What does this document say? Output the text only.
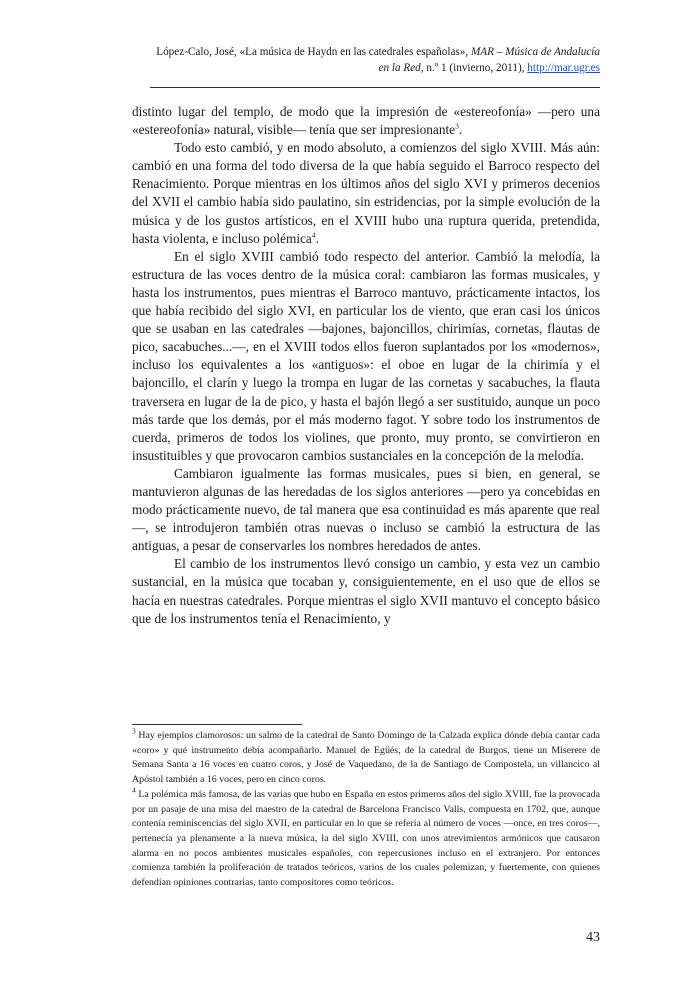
López-Calo, José, «La música de Haydn en las catedrales españolas», MAR – Música de Andalucía en la Red, n.º 1 (invierno, 2011), http://mar.ugr.es

distinto lugar del templo, de modo que la impresión de «estereofonía» —pero una «estereofonía» natural, visible— tenía que ser impresionante$^3$.

Todo esto cambió, y en modo absoluto, a comienzos del siglo XVIII. Más aún: cambió en una forma del todo diversa de la que había seguido el Barroco respecto del Renacimiento. Porque mientras en los últimos años del siglo XVI y primeros decenios del XVII el cambio había sido paulatino, sin estridencias, por la simple evolución de la música y de los gustos artísticos, en el XVIII hubo una ruptura querida, pretendida, hasta violenta, e incluso polémica$^4$.

En el siglo XVIII cambió todo respecto del anterior. Cambió la melodía, la estructura de las voces dentro de la música coral: cambiaron las formas musicales, y hasta los instrumentos, pues mientras el Barroco mantuvo, prácticamente intactos, los que había recibido del siglo XVI, en particular los de viento, que eran casi los únicos que se usaban en las catedrales —bajones, bajoncillos, chirimías, cornetas, flautas de pico, sacabuches...—, en el XVIII todos ellos fueron suplantados por los «modernos», incluso los equivalentes a los «antiguos»: el oboe en lugar de la chirimía y el bajoncillo, el clarín y luego la trompa en lugar de las cornetas y sacabuches, la flauta traversera en lugar de la de pico, y hasta el bajón llegó a ser sustituido, aunque un poco más tarde que los demás, por el más moderno fagot. Y sobre todo los instrumentos de cuerda, primeros de todos los violines, que pronto, muy pronto, se convirtieron en insustituibles y que provocaron cambios sustanciales en la concepción de la melodía.

Cambiaron igualmente las formas musicales, pues si bien, en general, se mantuvieron algunas de las heredadas de los siglos anteriores —pero ya concebidas en modo prácticamente nuevo, de tal manera que esa continuidad es más aparente que real—, se introdujeron también otras nuevas o incluso se cambió la estructura de las antiguas, a pesar de conservarles los nombres heredados de antes.

El cambio de los instrumentos llevó consigo un cambio, y esta vez un cambio sustancial, en la música que tocaban y, consiguientemente, en el uso que de ellos se hacía en nuestras catedrales. Porque mientras el siglo XVII mantuvo el concepto básico que de los instrumentos tenía el Renacimiento, y

$^3$ Hay ejemplos clamorosos: un salmo de la catedral de Santo Domingo de la Calzada explica dónde debía cantar cada «coro» y qué instrumento debía acompañarlo. Manuel de Egüés, de la catedral de Burgos, tiene un Miserere de Semana Santa a 16 voces en cuatro coros, y José de Vaquedano, de la de Santiago de Compostela, un villancico al Apóstol también a 16 voces, pero en cinco coros.

$^4$ La polémica más famosa, de las varias que hubo en España en estos primeros años del siglo XVIII, fue la provocada por un pasaje de una misa del maestro de la catedral de Barcelona Francisco Valls, compuesta en 1702, que, aunque contenía reminiscencias del siglo XVII, en particular en lo que se refería al número de voces —once, en tres coros—, pertenecía ya plenamente a la nueva música, la del siglo XVIII, con unos atrevimientos armónicos que causaron alarma en no pocos ambientes musicales españoles, con repercusiones incluso en el extranjero. Por entonces comienza también la proliferación de tratados teóricos, varios de los cuales polemizan, y fuertemente, con quienes defendían opiniones contrarias, tanto compositores como teóricos.

43
